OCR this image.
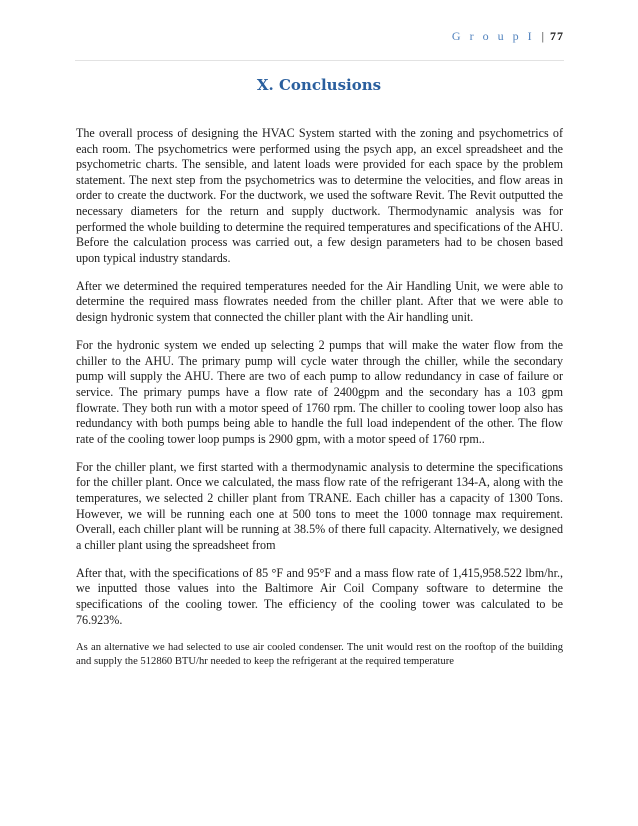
G r o u p I | 77
X. Conclusions

The overall process of designing the HVAC System started with the zoning and psychometrics of each room. The psychometrics were performed using the psych app, an excel spreadsheet and the psychometric charts. The sensible, and latent loads were provided for each space by the problem statement. The next step from the psychometrics was to determine the velocities, and flow areas in order to create the ductwork. For the ductwork, we used the software Revit. The Revit outputted the necessary diameters for the return and supply ductwork. Thermodynamic analysis was for performed the whole building to determine the required temperatures and specifications of the AHU. Before the calculation process was carried out, a few design parameters had to be chosen based upon typical industry standards.

After we determined the required temperatures needed for the Air Handling Unit, we were able to determine the required mass flowrates needed from the chiller plant. After that we were able to design hydronic system that connected the chiller plant with the Air handling unit.

For the hydronic system we ended up selecting 2 pumps that will make the water flow from the chiller to the AHU. The primary pump will cycle water through the chiller, while the secondary pump will supply the AHU. There are two of each pump to allow redundancy in case of failure or service. The primary pumps have a flow rate of 2400gpm and the secondary has a 103 gpm flowrate. They both run with a motor speed of 1760 rpm. The chiller to cooling tower loop also has redundancy with both pumps being able to handle the full load independent of the other. The flow rate of the cooling tower loop pumps is 2900 gpm, with a motor speed of 1760 rpm..

For the chiller plant, we first started with a thermodynamic analysis to determine the specifications for the chiller plant. Once we calculated, the mass flow rate of the refrigerant 134-A, along with the temperatures, we selected 2 chiller plant from TRANE. Each chiller has a capacity of 1300 Tons. However, we will be running each one at 500 tons to meet the 1000 tonnage max requirement. Overall, each chiller plant will be running at 38.5% of there full capacity. Alternatively, we designed a chiller plant using the spreadsheet from

After that, with the specifications of 85 °F and 95°F and a mass flow rate of 1,415,958.522 lbm/hr., we inputted those values into the Baltimore Air Coil Company software to determine the specifications of the cooling tower. The efficiency of the cooling tower was calculated to be 76.923%.

As an alternative we had selected to use air cooled condenser. The unit would rest on the rooftop of the building and supply the 512860 BTU/hr needed to keep the refrigerant at the required temperature
